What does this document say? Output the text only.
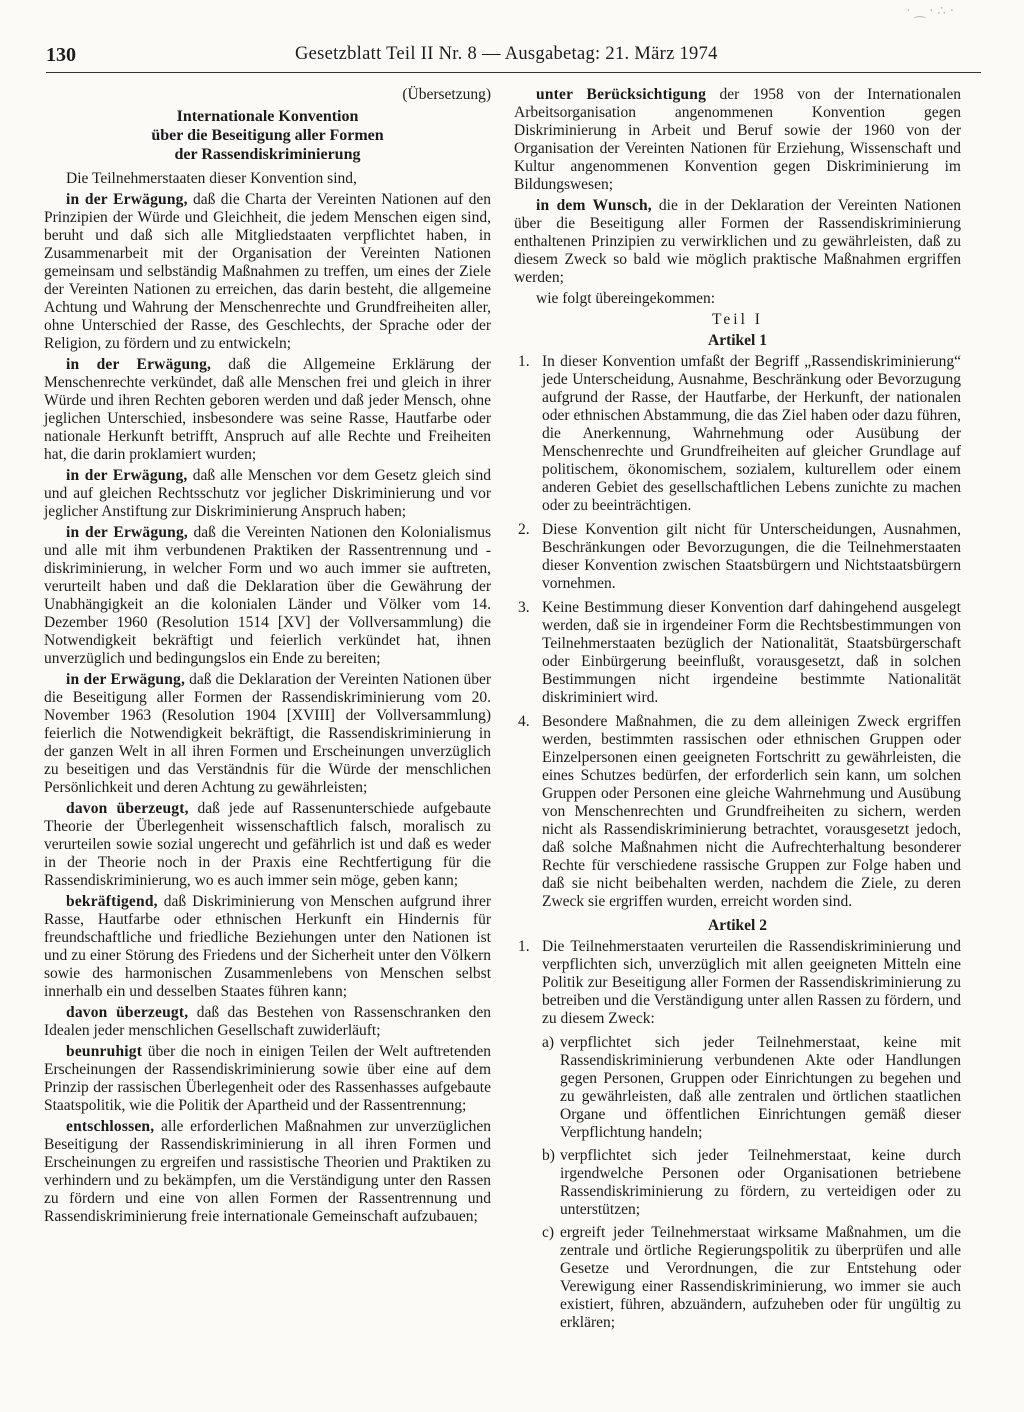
· ⁔ · ∴ ·
130	Gesetzblatt Teil II Nr. 8 — Ausgabetag: 21. März 1974

(Übersetzung)

Internationale Konvention
über die Beseitigung aller Formen
der Rassendiskriminierung

Die Teilnehmerstaaten dieser Konvention sind,

in der Erwägung, daß die Charta der Vereinten Nationen auf den Prinzipien der Würde und Gleichheit, die jedem Menschen eigen sind, beruht und daß sich alle Mitgliedstaaten verpflichtet haben, in Zusammenarbeit mit der Organisation der Vereinten Nationen gemeinsam und selbständig Maßnahmen zu treffen, um eines der Ziele der Vereinten Nationen zu erreichen, das darin besteht, die allgemeine Achtung und Wahrung der Menschenrechte und Grundfreiheiten aller, ohne Unterschied der Rasse, des Geschlechts, der Sprache oder der Religion, zu fördern und zu entwickeln;

in der Erwägung, daß die Allgemeine Erklärung der Menschenrechte verkündet, daß alle Menschen frei und gleich in ihrer Würde und ihren Rechten geboren werden und daß jeder Mensch, ohne jeglichen Unterschied, insbesondere was seine Rasse, Hautfarbe oder nationale Herkunft betrifft, Anspruch auf alle Rechte und Freiheiten hat, die darin proklamiert wurden;

in der Erwägung, daß alle Menschen vor dem Gesetz gleich sind und auf gleichen Rechtsschutz vor jeglicher Diskriminierung und vor jeglicher Anstiftung zur Diskriminierung Anspruch haben;

in der Erwägung, daß die Vereinten Nationen den Kolonialismus und alle mit ihm verbundenen Praktiken der Rassentrennung und -diskriminierung, in welcher Form und wo auch immer sie auftreten, verurteilt haben und daß die Deklaration über die Gewährung der Unabhängigkeit an die kolonialen Länder und Völker vom 14. Dezember 1960 (Resolution 1514 [XV] der Vollversammlung) die Notwendigkeit bekräftigt und feierlich verkündet hat, ihnen unverzüglich und bedingungslos ein Ende zu bereiten;

in der Erwägung, daß die Deklaration der Vereinten Nationen über die Beseitigung aller Formen der Rassendiskriminierung vom 20. November 1963 (Resolution 1904 [XVIII] der Vollversammlung) feierlich die Notwendigkeit bekräftigt, die Rassendiskriminierung in der ganzen Welt in all ihren Formen und Erscheinungen unverzüglich zu beseitigen und das Verständnis für die Würde der menschlichen Persönlichkeit und deren Achtung zu gewährleisten;

davon überzeugt, daß jede auf Rassenunterschiede aufgebaute Theorie der Überlegenheit wissenschaftlich falsch, moralisch zu verurteilen sowie sozial ungerecht und gefährlich ist und daß es weder in der Theorie noch in der Praxis eine Rechtfertigung für die Rassendiskriminierung, wo es auch immer sein möge, geben kann;

bekräftigend, daß Diskriminierung von Menschen aufgrund ihrer Rasse, Hautfarbe oder ethnischen Herkunft ein Hindernis für freundschaftliche und friedliche Beziehungen unter den Nationen ist und zu einer Störung des Friedens und der Sicherheit unter den Völkern sowie des harmonischen Zusammenlebens von Menschen selbst innerhalb ein und desselben Staates führen kann;

davon überzeugt, daß das Bestehen von Rassenschranken den Idealen jeder menschlichen Gesellschaft zuwiderläuft;

beunruhigt über die noch in einigen Teilen der Welt auftretenden Erscheinungen der Rassendiskriminierung sowie über eine auf dem Prinzip der rassischen Überlegenheit oder des Rassenhasses aufgebaute Staatspolitik, wie die Politik der Apartheid und der Rassentrennung;

entschlossen, alle erforderlichen Maßnahmen zur unverzüglichen Beseitigung der Rassendiskriminierung in all ihren Formen und Erscheinungen zu ergreifen und rassistische Theorien und Praktiken zu verhindern und zu bekämpfen, um die Verständigung unter den Rassen zu fördern und eine von allen Formen der Rassentrennung und Rassendiskriminierung freie internationale Gemeinschaft aufzubauen;

unter Berücksichtigung der 1958 von der Internationalen Arbeitsorganisation angenommenen Konvention gegen Diskriminierung in Arbeit und Beruf sowie der 1960 von der Organisation der Vereinten Nationen für Erziehung, Wissenschaft und Kultur angenommenen Konvention gegen Diskriminierung im Bildungswesen;

in dem Wunsch, die in der Deklaration der Vereinten Nationen über die Beseitigung aller Formen der Rassendiskriminierung enthaltenen Prinzipien zu verwirklichen und zu gewährleisten, daß zu diesem Zweck so bald wie möglich praktische Maßnahmen ergriffen werden;

wie folgt übereingekommen:

Teil I

Artikel 1

1. In dieser Konvention umfaßt der Begriff „Rassendiskriminierung“ jede Unterscheidung, Ausnahme, Beschränkung oder Bevorzugung aufgrund der Rasse, der Hautfarbe, der Herkunft, der nationalen oder ethnischen Abstammung, die das Ziel haben oder dazu führen, die Anerkennung, Wahrnehmung oder Ausübung der Menschenrechte und Grundfreiheiten auf gleicher Grundlage auf politischem, ökonomischem, sozialem, kulturellem oder einem anderen Gebiet des gesellschaftlichen Lebens zunichte zu machen oder zu beeinträchtigen.
2. Diese Konvention gilt nicht für Unterscheidungen, Ausnahmen, Beschränkungen oder Bevorzugungen, die die Teilnehmerstaaten dieser Konvention zwischen Staatsbürgern und Nichtstaatsbürgern vornehmen.
3. Keine Bestimmung dieser Konvention darf dahingehend ausgelegt werden, daß sie in irgendeiner Form die Rechtsbestimmungen von Teilnehmerstaaten bezüglich der Nationalität, Staatsbürgerschaft oder Einbürgerung beeinflußt, vorausgesetzt, daß in solchen Bestimmungen nicht irgendeine bestimmte Nationalität diskriminiert wird.
4. Besondere Maßnahmen, die zu dem alleinigen Zweck ergriffen werden, bestimmten rassischen oder ethnischen Gruppen oder Einzelpersonen einen geeigneten Fortschritt zu gewährleisten, die eines Schutzes bedürfen, der erforderlich sein kann, um solchen Gruppen oder Personen eine gleiche Wahrnehmung und Ausübung von Menschenrechten und Grundfreiheiten zu sichern, werden nicht als Rassendiskriminierung betrachtet, vorausgesetzt jedoch, daß solche Maßnahmen nicht die Aufrechterhaltung besonderer Rechte für verschiedene rassische Gruppen zur Folge haben und daß sie nicht beibehalten werden, nachdem die Ziele, zu deren Zweck sie ergriffen wurden, erreicht worden sind.

Artikel 2

1. Die Teilnehmerstaaten verurteilen die Rassendiskriminierung und verpflichten sich, unverzüglich mit allen geeigneten Mitteln eine Politik zur Beseitigung aller Formen der Rassendiskriminierung zu betreiben und die Verständigung unter allen Rassen zu fördern, und zu diesem Zweck:
a) verpflichtet sich jeder Teilnehmerstaat, keine mit Rassendiskriminierung verbundenen Akte oder Handlungen gegen Personen, Gruppen oder Einrichtungen zu begehen und zu gewährleisten, daß alle zentralen und örtlichen staatlichen Organe und öffentlichen Einrichtungen gemäß dieser Verpflichtung handeln;
b) verpflichtet sich jeder Teilnehmerstaat, keine durch irgendwelche Personen oder Organisationen betriebene Rassendiskriminierung zu fördern, zu verteidigen oder zu unterstützen;
c) ergreift jeder Teilnehmerstaat wirksame Maßnahmen, um die zentrale und örtliche Regierungspolitik zu überprüfen und alle Gesetze und Verordnungen, die zur Entstehung oder Verewigung einer Rassendiskriminierung, wo immer sie auch existiert, führen, abzuändern, aufzuheben oder für ungültig zu erklären;
